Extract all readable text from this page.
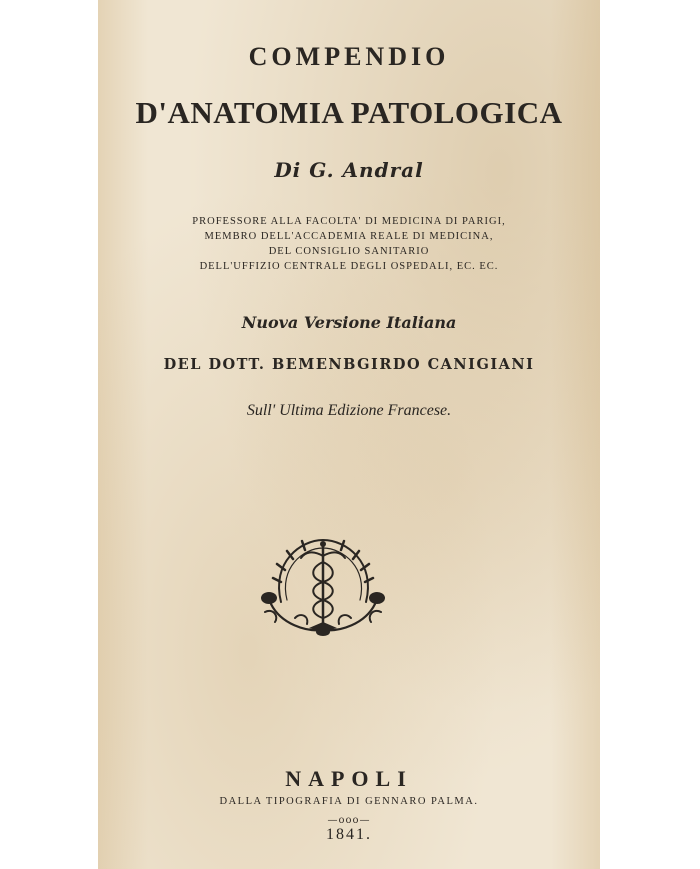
COMPENDIO

D'ANATOMIA PATOLOGICA

Di G. Andral

PROFESSORE ALLA FACOLTA' DI MEDICINA DI PARIGI,

MEMBRO DELL'ACCADEMIA REALE DI MEDICINA,

DEL CONSIGLIO SANITARIO

DELL'UFFIZIO CENTRALE DEGLI OSPEDALI, EC. EC.

Nuova Versione Italiana

DEL DOTT. BEMENBGIRDO CANIGIANI

Sull' Ultima Edizione Francese.

NAPOLI

DALLA TIPOGRAFIA DI GENNARO PALMA.

—ooo—

1841.
